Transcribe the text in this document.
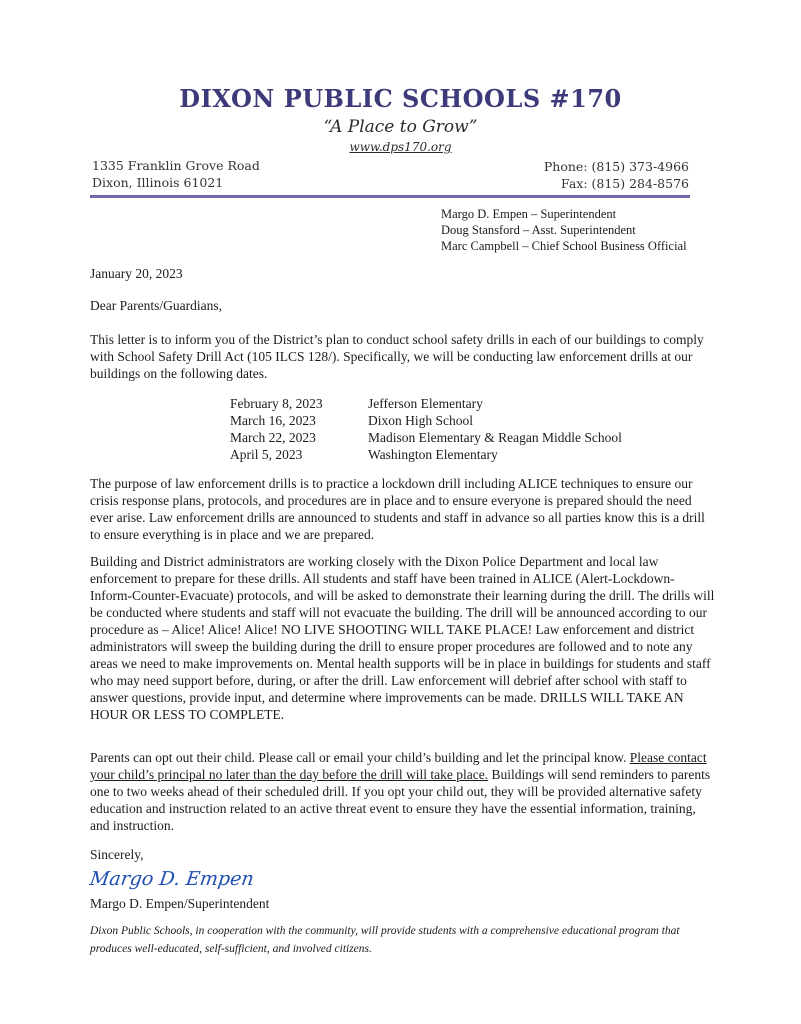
DIXON PUBLIC SCHOOLS #170
“A Place to Grow”
www.dps170.org
1335 Franklin Grove Road
Dixon, Illinois 61021
Phone: (815) 373-4966
Fax: (815) 284-8576
Margo D. Empen – Superintendent
Doug Stansford – Asst. Superintendent
Marc Campbell – Chief School Business Official
January 20, 2023
Dear Parents/Guardians,
This letter is to inform you of the District’s plan to conduct school safety drills in each of our buildings to comply with School Safety Drill Act (105 ILCS 128/). Specifically, we will be conducting law enforcement drills at our buildings on the following dates.
February 8, 2023	Jefferson Elementary
March 16, 2023	Dixon High School
March 22, 2023	Madison Elementary & Reagan Middle School
April 5, 2023	Washington Elementary
The purpose of law enforcement drills is to practice a lockdown drill including ALICE techniques to ensure our crisis response plans, protocols, and procedures are in place and to ensure everyone is prepared should the need ever arise. Law enforcement drills are announced to students and staff in advance so all parties know this is a drill to ensure everything is in place and we are prepared.
Building and District administrators are working closely with the Dixon Police Department and local law enforcement to prepare for these drills. All students and staff have been trained in ALICE (Alert-Lockdown-Inform-Counter-Evacuate) protocols, and will be asked to demonstrate their learning during the drill. The drills will be conducted where students and staff will not evacuate the building. The drill will be announced according to our procedure as – Alice! Alice! Alice! NO LIVE SHOOTING WILL TAKE PLACE! Law enforcement and district administrators will sweep the building during the drill to ensure proper procedures are followed and to note any areas we need to make improvements on. Mental health supports will be in place in buildings for students and staff who may need support before, during, or after the drill. Law enforcement will debrief after school with staff to answer questions, provide input, and determine where improvements can be made. DRILLS WILL TAKE AN HOUR OR LESS TO COMPLETE.
Parents can opt out their child. Please call or email your child’s building and let the principal know. Please contact your child’s principal no later than the day before the drill will take place. Buildings will send reminders to parents one to two weeks ahead of their scheduled drill. If you opt your child out, they will be provided alternative safety education and instruction related to an active threat event to ensure they have the essential information, training, and instruction.
Sincerely,
Margo D. Empen
Margo D. Empen/Superintendent
Dixon Public Schools, in cooperation with the community, will provide students with a comprehensive educational program that produces well-educated, self-sufficient, and involved citizens.
